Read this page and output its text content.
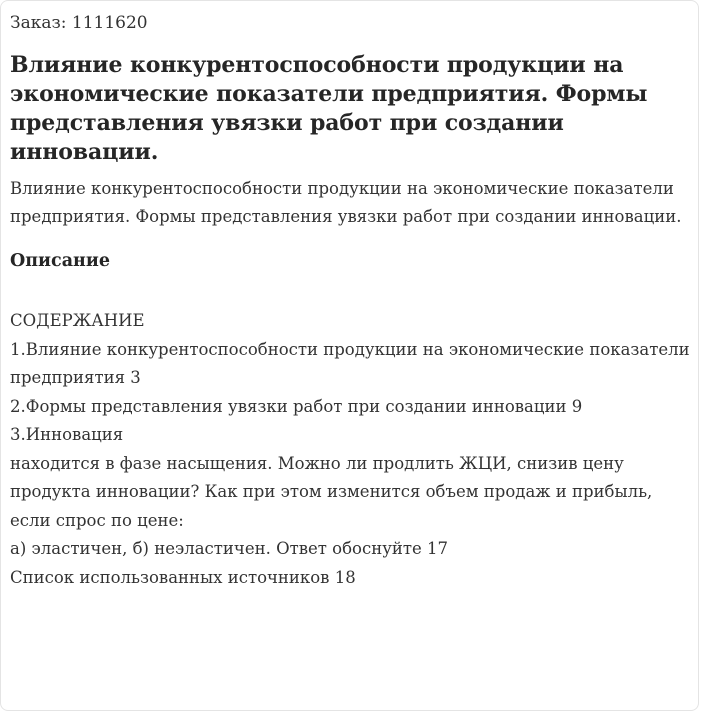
Заказ: 1111620
Влияние конкурентоспособности продукции на экономические показатели предприятия. Формы представления увязки работ при создании инновации.
Влияние конкурентоспособности продукции на экономические показатели предприятия. Формы представления увязки работ при создании инновации.
Описание

СОДЕРЖАНИЕ

1.Влияние конкурентоспособности продукции на экономические показатели предприятия 3

2.Формы представления увязки работ при создании инновации 9

3.Инновация

находится в фазе насыщения. Можно ли продлить ЖЦИ, снизив цену продукта инновации? Как при этом изменится объем продаж и прибыль, если спрос по цене:

а) эластичен, б) неэластичен. Ответ обоснуйте 17

Список использованных источников 18
